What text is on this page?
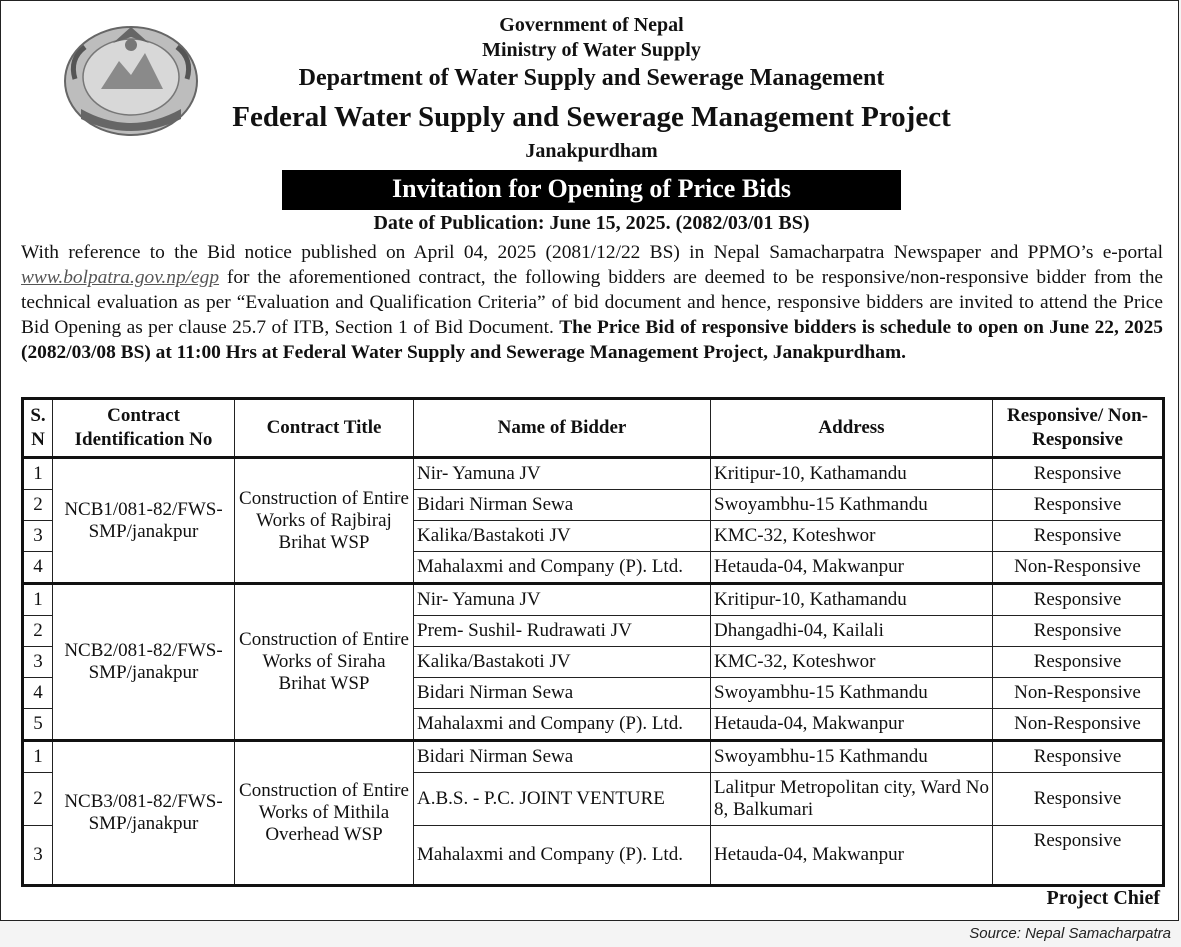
Government of Nepal

Ministry of Water Supply

Department of Water Supply and Sewerage Management

Federal Water Supply and Sewerage Management Project

Janakpurdham

Invitation for Opening of Price Bids

Date of Publication: June 15, 2025. (2082/03/01 BS)

With reference to the Bid notice published on April 04, 2025 (2081/12/22 BS) in Nepal Samacharpatra Newspaper and PPMO’s e-portal www.bolpatra.gov.np/egp for the aforementioned contract, the following bidders are deemed to be responsive/non-responsive bidder from the technical evaluation as per “Evaluation and Qualification Criteria” of bid document and hence, responsive bidders are invited to attend the Price Bid Opening as per clause 25.7 of ITB, Section 1 of Bid Document. The Price Bid of responsive bidders is schedule to open on June 22, 2025 (2082/03/08 BS) at 11:00 Hrs at Federal Water Supply and Sewerage Management Project, Janakpurdham.

S. N	Contract Identification No	Contract Title	Name of Bidder	Address	Responsive/ Non-Responsive
1	NCB1/081-82/FWS-SMP/janakpur	Construction of Entire Works of Rajbiraj Brihat WSP	Nir- Yamuna JV	Kritipur-10, Kathamandu	Responsive
2			Bidari Nirman Sewa	Swoyambhu-15 Kathmandu	Responsive
3			Kalika/Bastakoti JV	KMC-32, Koteshwor	Responsive
4			Mahalaxmi and Company (P). Ltd.	Hetauda-04, Makwanpur	Non-Responsive
1	NCB2/081-82/FWS-SMP/janakpur	Construction of Entire Works of Siraha Brihat WSP	Nir- Yamuna JV	Kritipur-10, Kathamandu	Responsive
2			Prem- Sushil- Rudrawati JV	Dhangadhi-04, Kailali	Responsive
3			Kalika/Bastakoti JV	KMC-32, Koteshwor	Responsive
4			Bidari Nirman Sewa	Swoyambhu-15 Kathmandu	Non-Responsive
5			Mahalaxmi and Company (P). Ltd.	Hetauda-04, Makwanpur	Non-Responsive
1	NCB3/081-82/FWS-SMP/janakpur	Construction of Entire Works of Mithila Overhead WSP	Bidari Nirman Sewa	Swoyambhu-15 Kathmandu	Responsive
2			A.B.S. - P.C. JOINT VENTURE	Lalitpur Metropolitan city, Ward No 8, Balkumari	Responsive
3			Mahalaxmi and Company (P). Ltd.	Hetauda-04, Makwanpur	Responsive

Project Chief

Source: Nepal Samacharpatra
